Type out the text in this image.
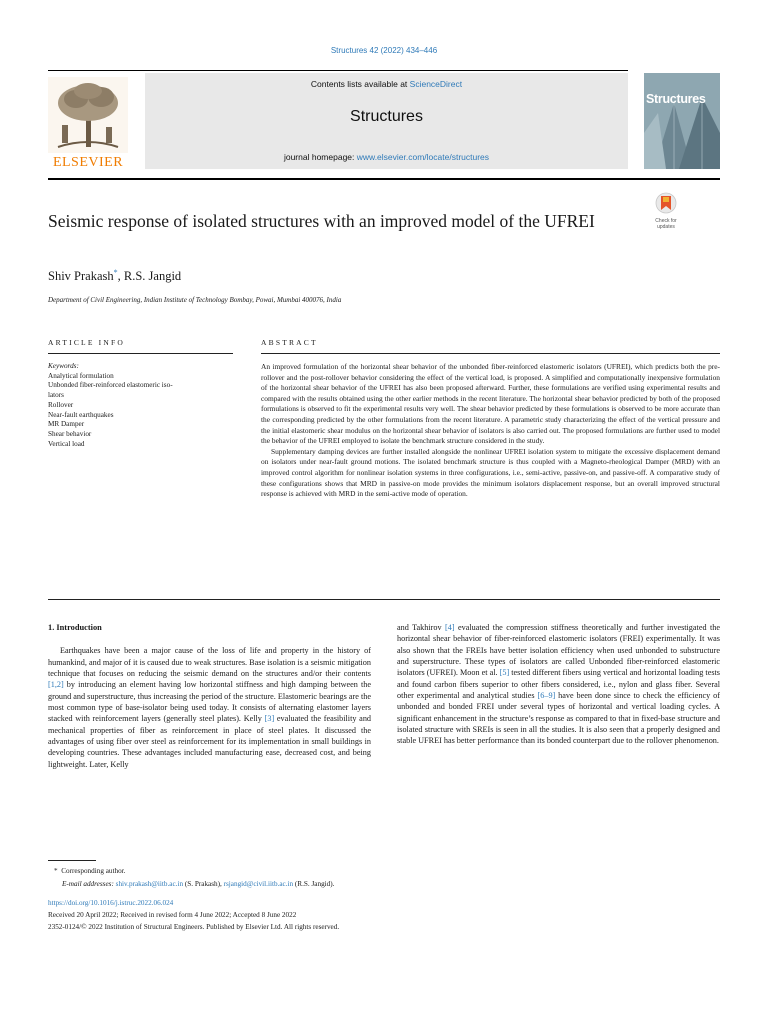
Structures 42 (2022) 434–446
ELSEVIER
Contents lists available at ScienceDirect
Structures
journal homepage: www.elsevier.com/locate/structures
Structures
Seismic response of isolated structures with an improved model of the UFREI	Check for
updates
Shiv Prakash*, R.S. Jangid
Department of Civil Engineering, Indian Institute of Technology Bombay, Powai, Mumbai 400076, India
ARTICLE INFO	ABSTRACT
Keywords:
Analytical formulation
Unbonded fiber-reinforced elastomeric iso-
lators
Rollover
Near-fault earthquakes
MR Damper
Shear behavior
Vertical load

An improved formulation of the horizontal shear behavior of the unbonded fiber-reinforced elastomeric isolators (UFREI), which predicts both the pre-rollover and the post-rollover behavior considering the effect of the vertical load, is proposed. A simplified and computationally inexpensive formulation of the horizontal shear behavior of the UFREI has also been proposed afterward. Further, these formulations are verified using experimental results and compared with the results obtained using the other earlier methods in the recent literature. The horizontal shear behavior predicted by both of the proposed formulations is observed to fit the experimental results very well. The shear behavior predicted by these formulations is observed to be more accurate than the corresponding predicted by the other formulations from the recent literature. A parametric study characterizing the effect of the vertical pressure and the initial elastomeric shear modulus on the horizontal shear behavior of isolators is also carried out. The proposed formulations are further used to model the behavior of the UFREI employed to isolate the benchmark structure considered in the study.

Supplementary damping devices are further installed alongside the nonlinear UFREI isolation system to mitigate the excessive displacement demand on isolators under near-fault ground motions. The isolated benchmark structure is thus coupled with a Magneto-rheological Damper (MRD) with an improved control algorithm for nonlinear isolation systems in three configurations, i.e., semi-active, passive-on, and passive-off. A comparative study of these configurations shows that MRD in passive-on mode provides the minimum isolators displacement response, but an overall improved structural response is achieved with MRD in the semi-active mode of operation.

1. Introduction

Earthquakes have been a major cause of the loss of life and property in the history of humankind, and major of it is caused due to weak structures. Base isolation is a seismic mitigation technique that focuses on reducing the seismic demand on the structures and/or their contents [1,2] by introducing an element having low horizontal stiffness and high damping between the ground and superstructure, thus increasing the period of the structure. Elastomeric bearings are the most common type of base-isolator being used today. It consists of alternating elastomer layers stacked with reinforcement layers (generally steel plates). Kelly [3] evaluated the feasibility and mechanical properties of fiber as reinforcement in place of steel plates. It discussed the advantages of using fiber over steel as reinforcement for its implementation in small buildings in developing countries. These advantages included manufacturing ease, decreased cost, and being lightweight. Later, Kelly

and Takhirov [4] evaluated the compression stiffness theoretically and further investigated the horizontal shear behavior of fiber-reinforced elastomeric isolators (FREI) experimentally. It was also shown that the FREIs have better isolation efficiency when used unbonded to substructure and superstructure. These types of isolators are called Unbonded fiber-reinforced elastomeric isolators (UFREI). Moon et al. [5] tested different fibers using vertical and horizontal loading tests and found carbon fibers superior to other fibers considered, i.e., nylon and glass fiber. Several other experimental and analytical studies [6–9] have been done since to check the efficiency of unbonded and bonded FREI under several types of horizontal and vertical loading cycles. A significant enhancement in the structure’s response as compared to that in fixed-base structure and isolated structure with SREIs is seen in all the studies. It is also seen that a properly designed and stable UFREI has better performance than its bonded counterpart due to the rollover phenomenon.

* Corresponding author.
E-mail addresses: shiv.prakash@iitb.ac.in (S. Prakash), rsjangid@civil.iitb.ac.in (R.S. Jangid).
https://doi.org/10.1016/j.istruc.2022.06.024
Received 20 April 2022; Received in revised form 4 June 2022; Accepted 8 June 2022
2352-0124/© 2022 Institution of Structural Engineers. Published by Elsevier Ltd. All rights reserved.
